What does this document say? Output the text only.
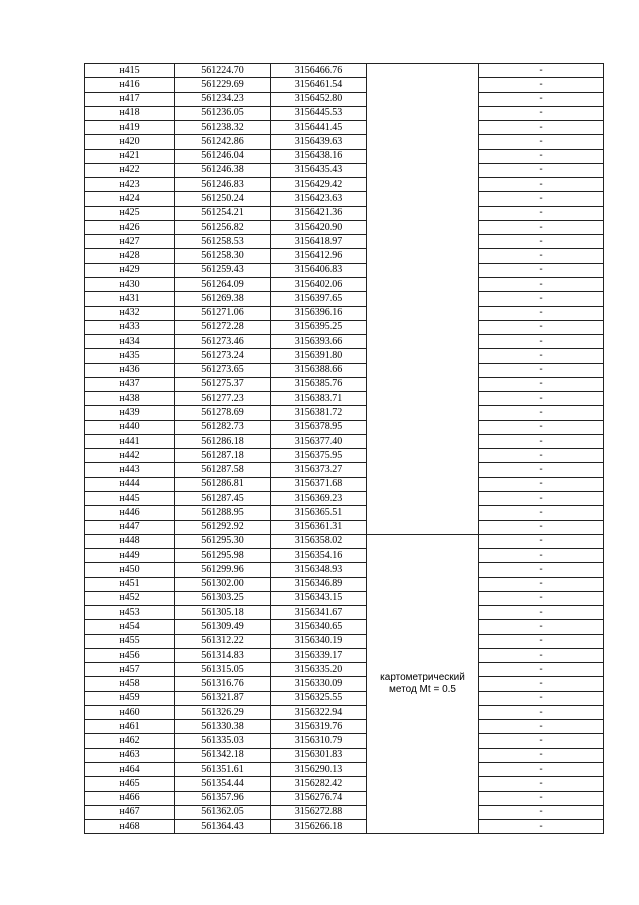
н415	561224.70	3156466.76		-
н416	561229.69	3156461.54		-
н417	561234.23	3156452.80		-
н418	561236.05	3156445.53		-
н419	561238.32	3156441.45		-
н420	561242.86	3156439.63		-
н421	561246.04	3156438.16		-
н422	561246.38	3156435.43		-
н423	561246.83	3156429.42		-
н424	561250.24	3156423.63		-
н425	561254.21	3156421.36		-
н426	561256.82	3156420.90		-
н427	561258.53	3156418.97		-
н428	561258.30	3156412.96		-
н429	561259.43	3156406.83		-
н430	561264.09	3156402.06		-
н431	561269.38	3156397.65		-
н432	561271.06	3156396.16		-
н433	561272.28	3156395.25		-
н434	561273.46	3156393.66		-
н435	561273.24	3156391.80		-
н436	561273.65	3156388.66		-
н437	561275.37	3156385.76		-
н438	561277.23	3156383.71		-
н439	561278.69	3156381.72		-
н440	561282.73	3156378.95		-
н441	561286.18	3156377.40		-
н442	561287.18	3156375.95		-
н443	561287.58	3156373.27		-
н444	561286.81	3156371.68		-
н445	561287.45	3156369.23		-
н446	561288.95	3156365.51		-
н447	561292.92	3156361.31		-
н448	561295.30	3156358.02	картометрический метод Mt = 0.5	-
н449	561295.98	3156354.16		-
н450	561299.96	3156348.93		-
н451	561302.00	3156346.89		-
н452	561303.25	3156343.15		-
н453	561305.18	3156341.67		-
н454	561309.49	3156340.65		-
н455	561312.22	3156340.19		-
н456	561314.83	3156339.17		-
н457	561315.05	3156335.20		-
н458	561316.76	3156330.09		-
н459	561321.87	3156325.55		-
н460	561326.29	3156322.94		-
н461	561330.38	3156319.76		-
н462	561335.03	3156310.79		-
н463	561342.18	3156301.83		-
н464	561351.61	3156290.13		-
н465	561354.44	3156282.42		-
н466	561357.96	3156276.74		-
н467	561362.05	3156272.88		-
н468	561364.43	3156266.18		-
